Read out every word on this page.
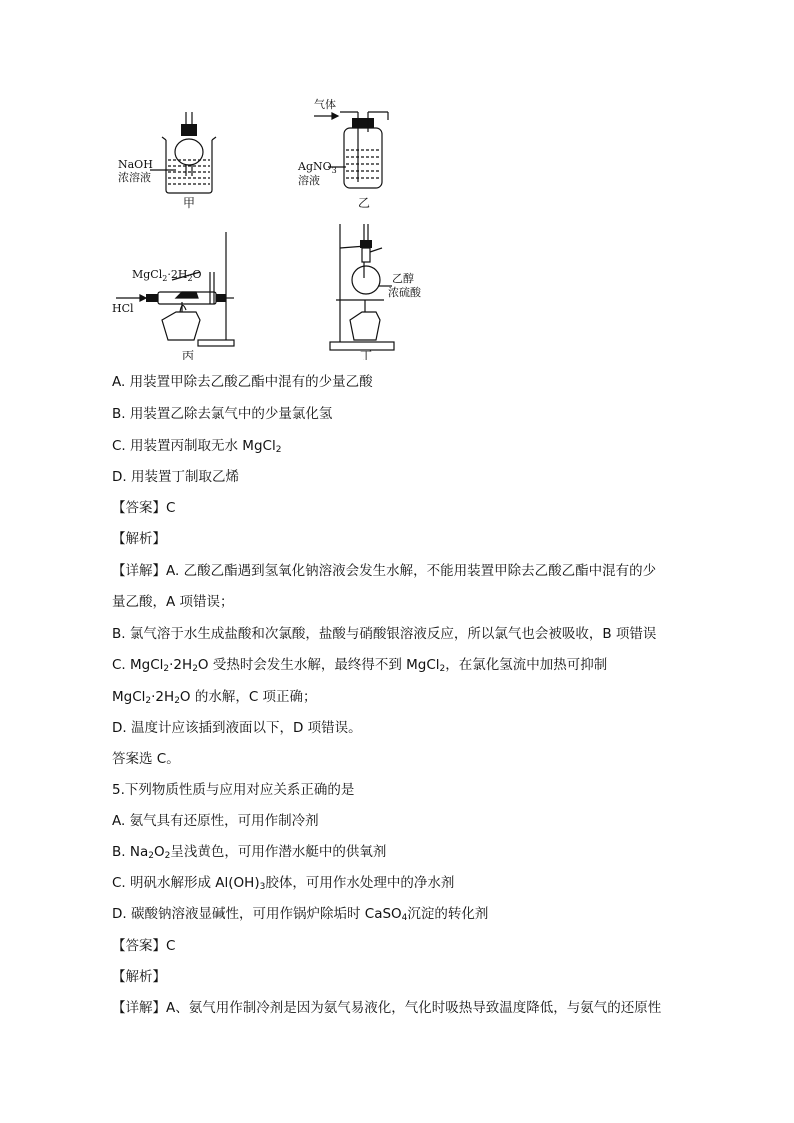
NaOH
浓溶液
甲
气体
AgNO$_3$
溶液
乙
$MgCl_2\cdot 2H_2O$
HCl
丙
乙醇
浓硫酸
丁
A. 用装置甲除去乙酸乙酯中混有的少量乙酸
B. 用装置乙除去氯气中的少量氯化氢
C. 用装置丙制取无水 MgCl$_2$
D. 用装置丁制取乙烯
【答案】C
【解析】
【详解】A. 乙酸乙酯遇到氢氧化钠溶液会发生水解，不能用装置甲除去乙酸乙酯中混有的少
量乙酸，A 项错误；
B. 氯气溶于水生成盐酸和次氯酸，盐酸与硝酸银溶液反应，所以氯气也会被吸收，B 项错误
C. $MgCl_2\cdot 2H_2O$ 受热时会发生水解，最终得不到 MgCl$_2$，在氯化氢流中加热可抑制
$MgCl_2\cdot 2H_2O$ 的水解，C 项正确；
D. 温度计应该插到液面以下，D 项错误。
答案选 C。
5.下列物质性质与应用对应关系正确的是
A. 氨气具有还原性，可用作制冷剂
B. $Na_2O_2$呈浅黄色，可用作潜水艇中的供氧剂
C. 明矾水解形成 $Al(OH)_3$胶体，可用作水处理中的净水剂
D. 碳酸钠溶液显碱性，可用作锅炉除垢时 CaSO$_4$沉淀的转化剂
【答案】C
【解析】
【详解】A、氨气用作制冷剂是因为氨气易液化，气化时吸热导致温度降低，与氨气的还原性
